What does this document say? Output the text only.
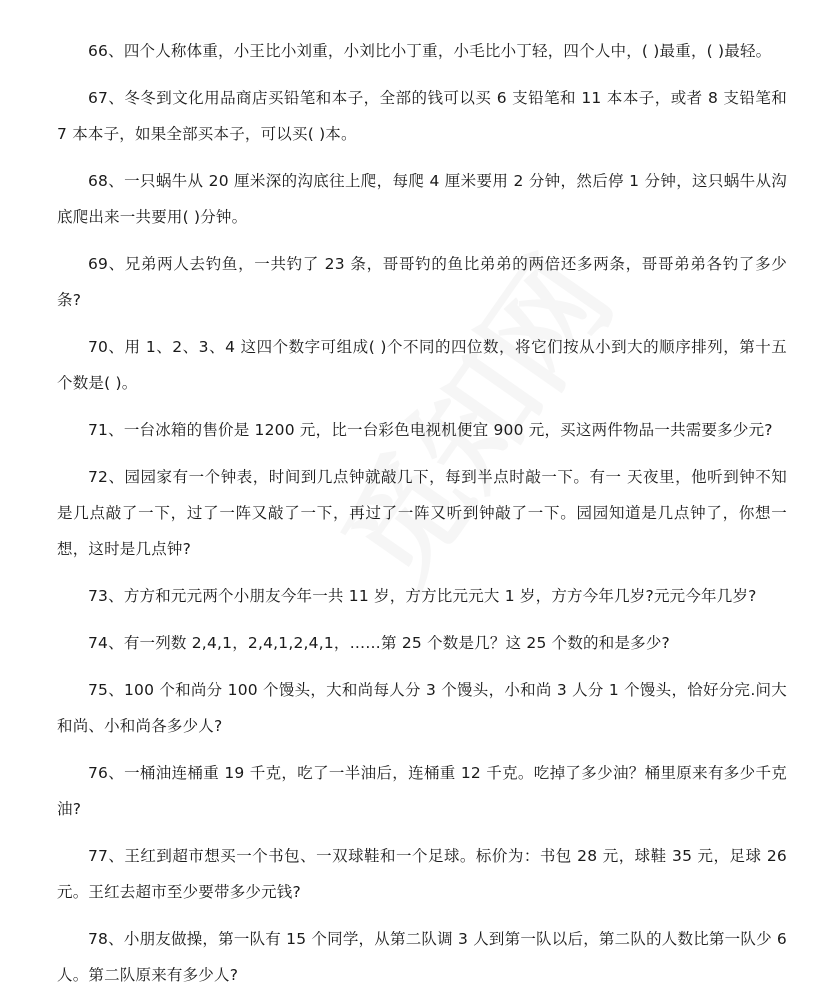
66、四个人称体重，小王比小刘重，小刘比小丁重，小毛比小丁轻，四个人中，( )最重，( )最轻。

67、冬冬到文化用品商店买铅笔和本子，全部的钱可以买 6 支铅笔和 11 本本子，或者 8 支铅笔和 7 本本子，如果全部买本子，可以买( )本。

68、一只蜗牛从 20 厘米深的沟底往上爬，每爬 4 厘米要用 2 分钟，然后停 1 分钟，这只蜗牛从沟底爬出来一共要用( )分钟。

69、兄弟两人去钓鱼，一共钓了 23 条，哥哥钓的鱼比弟弟的两倍还多两条，哥哥弟弟各钓了多少条?

70、用 1、2、3、4 这四个数字可组成( )个不同的四位数，将它们按从小到大的顺序排列，第十五个数是( )。

71、一台冰箱的售价是 1200 元，比一台彩色电视机便宜 900 元，买这两件物品一共需要多少元?

72、园园家有一个钟表，时间到几点钟就敲几下，每到半点时敲一下。有一 天夜里，他听到钟不知是几点敲了一下，过了一阵又敲了一下，再过了一阵又听到钟敲了一下。园园知道是几点钟了，你想一想，这时是几点钟?

73、方方和元元两个小朋友今年一共 11 岁，方方比元元大 1 岁，方方今年几岁?元元今年几岁?

74、有一列数 2,4,1，2,4,1,2,4,1，……第 25 个数是几？这 25 个数的和是多少?

75、100 个和尚分 100 个馒头，大和尚每人分 3 个馒头，小和尚 3 人分 1 个馒头，恰好分完.问大和尚、小和尚各多少人?

76、一桶油连桶重 19 千克，吃了一半油后，连桶重 12 千克。吃掉了多少油？桶里原来有多少千克油?

77、王红到超市想买一个书包、一双球鞋和一个足球。标价为：书包 28 元，球鞋 35 元，足球 26 元。王红去超市至少要带多少元钱?

78、小朋友做操，第一队有 15 个同学，从第二队调 3 人到第一队以后，第二队的人数比第一队少 6 人。第二队原来有多少人?
